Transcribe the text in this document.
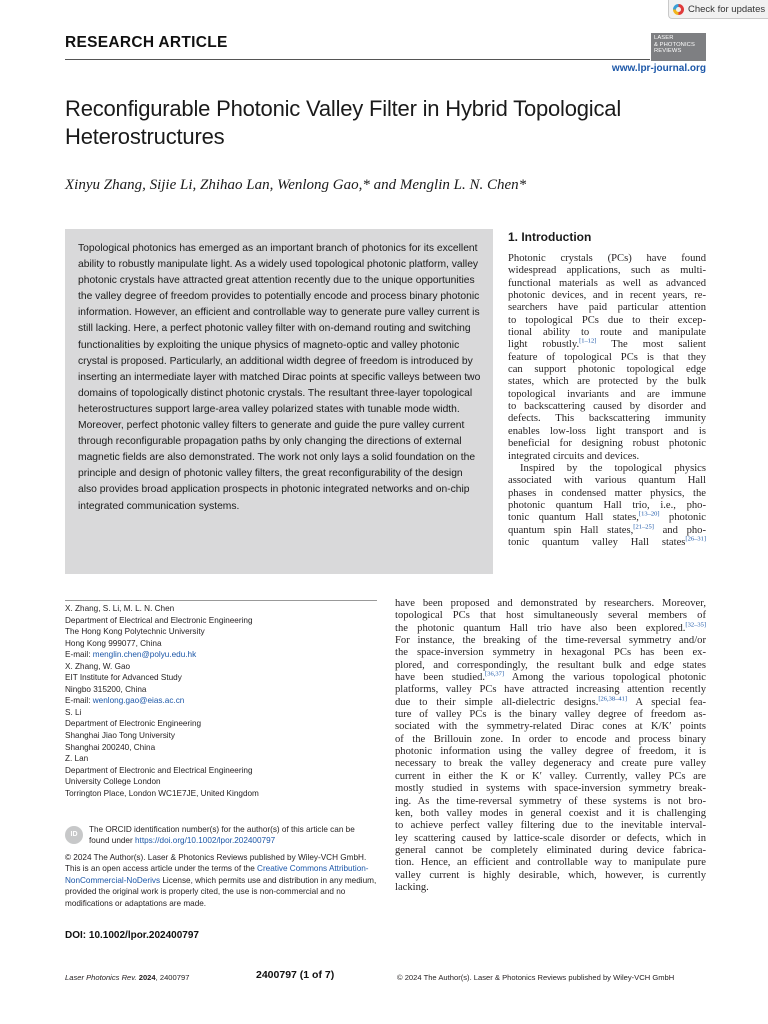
Check for updates
RESEARCH ARTICLE	LASER
& PHOTONICS
REVIEWS
www.lpr-journal.org
Reconfigurable Photonic Valley Filter in Hybrid Topological Heterostructures
Xinyu Zhang, Sijie Li, Zhihao Lan, Wenlong Gao,* and Menglin L. N. Chen*

Topological photonics has emerged as an important branch of photonics for its excellent ability to robustly manipulate light. As a widely used topological photonic platform, valley photonic crystals have attracted great attention recently due to the unique opportunities the valley degree of freedom provides to potentially encode and process binary photonic information. However, an efficient and controllable way to generate pure valley current is still lacking. Here, a perfect photonic valley filter with on-demand routing and switching functionalities by exploiting the unique physics of magneto-optic and valley photonic crystal is proposed. Particularly, an additional width degree of freedom is introduced by inserting an intermediate layer with matched Dirac points at specific valleys between two domains of topologically distinct photonic crystals. The resultant three-layer topological heterostructures support large-area valley polarized states with tunable mode width. Moreover, perfect photonic valley filters to generate and guide the pure valley current through reconfigurable propagation paths by only changing the directions of external magnetic fields are also demonstrated. The work not only lays a solid foundation on the principle and design of photonic valley filters, the great reconfigurability of the design also provides broad application prospects in photonic integrated networks and on-chip integrated communication systems.

X. Zhang, S. Li, M. L. N. Chen
Department of Electrical and Electronic Engineering
The Hong Kong Polytechnic University
Hong Kong 999077, China
E-mail: menglin.chen@polyu.edu.hk
X. Zhang, W. Gao
EIT Institute for Advanced Study
Ningbo 315200, China
E-mail: wenlong.gao@eias.ac.cn
S. Li
Department of Electronic Engineering
Shanghai Jiao Tong University
Shanghai 200240, China
Z. Lan
Department of Electronic and Electrical Engineering
University College London
Torrington Place, London WC1E7JE, United Kingdom
ID
The ORCID identification number(s) for the author(s) of this article can be found under https://doi.org/10.1002/lpor.202400797
© 2024 The Author(s). Laser & Photonics Reviews published by Wiley-VCH GmbH. This is an open access article under the terms of the Creative Commons Attribution-NonCommercial-NoDerivs License, which permits use and distribution in any medium, provided the original work is properly cited, the use is non-commercial and no modifications or adaptations are made.
DOI: 10.1002/lpor.202400797
1. Introduction
Photonic crystals (PCs) have found
widespread applications, such as multi-
functional materials as well as advanced
photonic devices, and in recent years, re-
searchers have paid particular attention
to topological PCs due to their excep-
tional ability to route and manipulate
light robustly.[1–12] The most salient
feature of topological PCs is that they
can support photonic topological edge
states, which are protected by the bulk
topological invariants and are immune
to backscattering caused by disorder and
defects. This backscattering immunity
enables low-loss light transport and is
beneficial for designing robust photonic
integrated circuits and devices.
Inspired by the topological physics
associated with various quantum Hall
phases in condensed matter physics, the
photonic quantum Hall trio, i.e., pho-
tonic quantum Hall states,[13–20] photonic
quantum spin Hall states,[21–25] and pho-
tonic quantum valley Hall states[26–31]
have been proposed and demonstrated by researchers. Moreover,
topological PCs that host simultaneously several members of
the photonic quantum Hall trio have also been explored.[32–35]
For instance, the breaking of the time-reversal symmetry and/or
the space-inversion symmetry in hexagonal PCs has been ex-
plored, and correspondingly, the resultant bulk and edge states
have been studied.[36,37] Among the various topological photonic
platforms, valley PCs have attracted increasing attention recently
due to their simple all-dielectric designs.[26,38–41] A special fea-
ture of valley PCs is the binary valley degree of freedom as-
sociated with the symmetry-related Dirac cones at K/K′ points
of the Brillouin zone. In order to encode and process binary
photonic information using the valley degree of freedom, it is
necessary to break the valley degeneracy and create pure valley
current in either the K or K′ valley. Currently, valley PCs are
mostly studied in systems with space-inversion symmetry break-
ing. As the time-reversal symmetry of these systems is not bro-
ken, both valley modes in general coexist and it is challenging
to achieve perfect valley filtering due to the inevitable interval-
ley scattering caused by lattice-scale disorder or defects, which in
general cannot be completely eliminated during device fabrica-
tion. Hence, an efficient and controllable way to manipulate pure
valley current is highly desirable, which, however, is currently
lacking.
Laser Photonics Rev. 2024, 2400797	2400797 (1 of 7)	© 2024 The Author(s). Laser & Photonics Reviews published by Wiley-VCH GmbH
